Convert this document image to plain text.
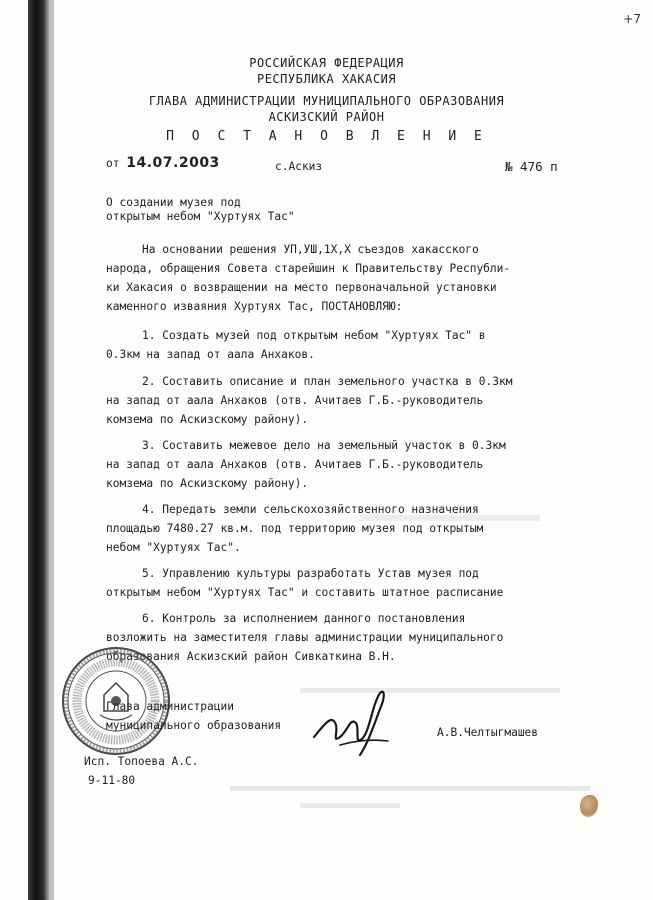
+7
РОССИЙСКАЯ ФЕДЕРАЦИЯ
РЕСПУБЛИКА ХАКАСИЯ
ГЛАВА АДМИНИСТРАЦИИ МУНИЦИПАЛЬНОГО ОБРАЗОВАНИЯ
АСКИЗСКИЙ РАЙОН
П О С Т А Н О В Л Е Н И Е
от 14.07.2003	с.Аскиз	№ 476 п
О создании музея под
открытым небом "Хуртуях Тас"
На основании решения УП,УШ,1Х,Х съездов хакасского
народа, обращения Совета старейшин к Правительству Республи-
ки Хакасия о возвращении на место первоначальной установки
каменного изваяния Хуртуях Тас, ПОСТАНОВЛЯЮ:
1. Создать музей под открытым небом "Хуртуях Тас" в
0.3км на запад от аала Анхаков.
2. Составить описание и план земельного участка в 0.3км
на запад от аала Анхаков (отв. Ачитаев Г.Б.-руководитель
комзема по Аскизскому району).
3. Составить межевое дело на земельный участок в 0.3км
на запад от аала Анхаков (отв. Ачитаев Г.Б.-руководитель
комзема по Аскизскому району).
4. Передать земли сельскохозяйственного назначения
площадью 7480.27 кв.м. под территорию музея под открытым
небом "Хуртуях Тас".
5. Управлению культуры разработать Устав музея под
открытым небом "Хуртуях Тас" и составить штатное расписание
6. Контроль за исполнением данного постановления
возложить на заместителя главы администрации муниципального
образования Аскизский район Сивкаткина В.Н.
Глава администрации
муниципального образования
А.В.Челтыгмашев
Исп. Топоева А.С.
9-11-80
